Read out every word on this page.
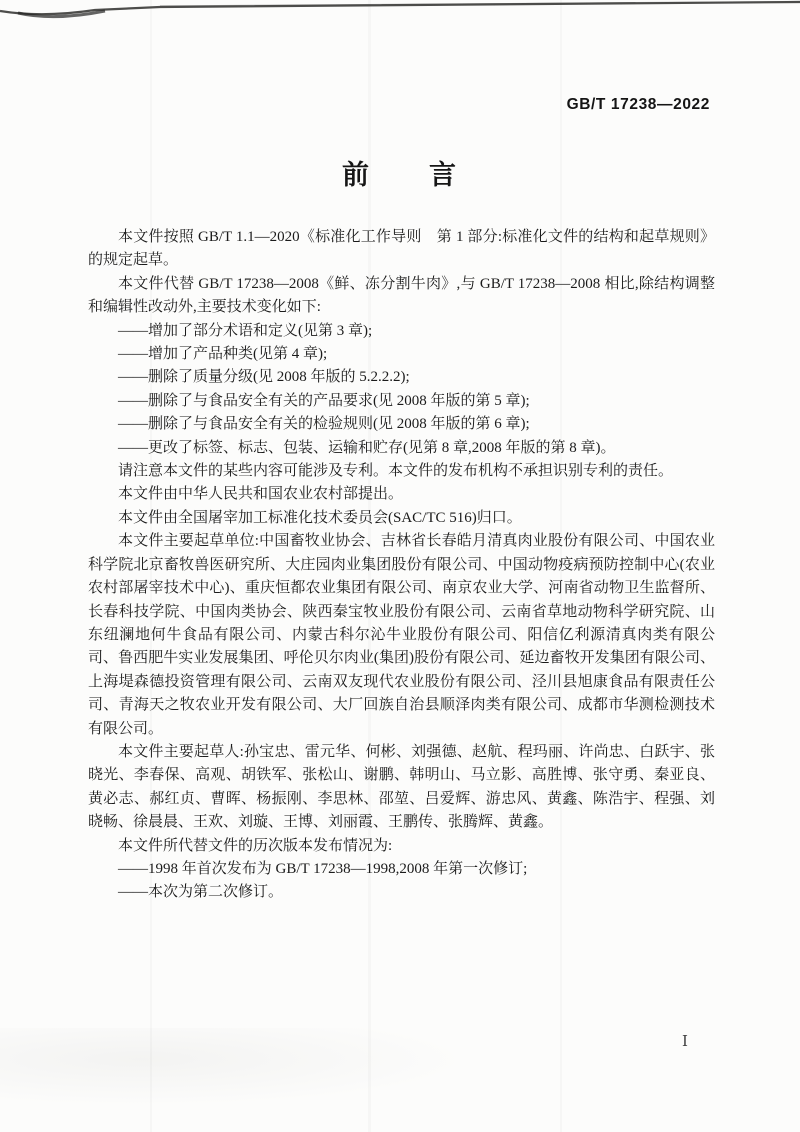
GB/T 17238—2022
前　　言

本文件按照 GB/T 1.1—2020《标准化工作导则　第 1 部分:标准化文件的结构和起草规则》的规定起草。

本文件代替 GB/T 17238—2008《鲜、冻分割牛肉》,与 GB/T 17238—2008 相比,除结构调整和编辑性改动外,主要技术变化如下:

——增加了部分术语和定义(见第 3 章);

——增加了产品种类(见第 4 章);

——删除了质量分级(见 2008 年版的 5.2.2.2);

——删除了与食品安全有关的产品要求(见 2008 年版的第 5 章);

——删除了与食品安全有关的检验规则(见 2008 年版的第 6 章);

——更改了标签、标志、包装、运输和贮存(见第 8 章,2008 年版的第 8 章)。

请注意本文件的某些内容可能涉及专利。本文件的发布机构不承担识别专利的责任。

本文件由中华人民共和国农业农村部提出。

本文件由全国屠宰加工标准化技术委员会(SAC/TC 516)归口。

本文件主要起草单位:中国畜牧业协会、吉林省长春皓月清真肉业股份有限公司、中国农业科学院北京畜牧兽医研究所、大庄园肉业集团股份有限公司、中国动物疫病预防控制中心(农业农村部屠宰技术中心)、重庆恒都农业集团有限公司、南京农业大学、河南省动物卫生监督所、长春科技学院、中国肉类协会、陕西秦宝牧业股份有限公司、云南省草地动物科学研究院、山东纽澜地何牛食品有限公司、内蒙古科尔沁牛业股份有限公司、阳信亿利源清真肉类有限公司、鲁西肥牛实业发展集团、呼伦贝尔肉业(集团)股份有限公司、延边畜牧开发集团有限公司、上海堤森德投资管理有限公司、云南双友现代农业股份有限公司、泾川县旭康食品有限责任公司、青海天之牧农业开发有限公司、大厂回族自治县顺泽肉类有限公司、成都市华测检测技术有限公司。

本文件主要起草人:孙宝忠、雷元华、何彬、刘强德、赵航、程玛丽、许尚忠、白跃宇、张晓光、李春保、高观、胡铁军、张松山、谢鹏、韩明山、马立影、高胜博、张守勇、秦亚良、黄必志、郝红贞、曹晖、杨振刚、李思林、邵堃、吕爱辉、游忠风、黄鑫、陈浩宇、程强、刘晓畅、徐晨晨、王欢、刘璇、王博、刘丽霞、王鹏传、张腾辉、黄鑫。

本文件所代替文件的历次版本发布情况为:

——1998 年首次发布为 GB/T 17238—1998,2008 年第一次修订;

——本次为第二次修订。

Ⅰ
